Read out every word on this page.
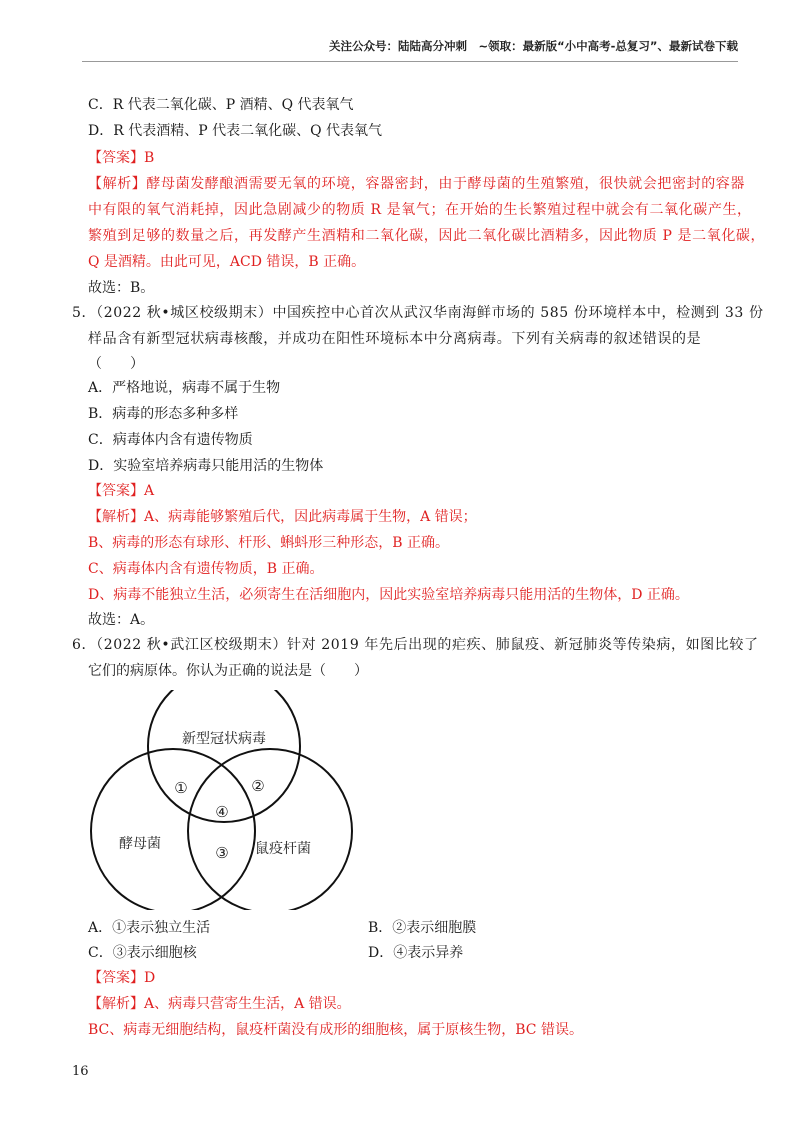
关注公众号：陆陆高分冲刺　~领取：最新版“小中高考-总复习”、最新试卷下载
C．R 代表二氧化碳、P 酒精、Q 代表氧气
D．R 代表酒精、P 代表二氧化碳、Q 代表氧气
【答案】B
【解析】酵母菌发酵酿酒需要无氧的环境，容器密封，由于酵母菌的生殖繁殖，很快就会把密封的容器
中有限的氧气消耗掉，因此急剧减少的物质 R 是氧气；在开始的生长繁殖过程中就会有二氧化碳产生，
繁殖到足够的数量之后，再发酵产生酒精和二氧化碳，因此二氧化碳比酒精多，因此物质 P 是二氧化碳，
Q 是酒精。由此可见，ACD 错误，B 正确。
故选：B。
5．（2022 秋•城区校级期末）中国疾控中心首次从武汉华南海鲜市场的 585 份环境样本中，检测到 33 份
样品含有新型冠状病毒核酸，并成功在阳性环境标本中分离病毒。下列有关病毒的叙述错误的是
（　　）
A．严格地说，病毒不属于生物
B．病毒的形态多种多样
C．病毒体内含有遗传物质
D．实验室培养病毒只能用活的生物体
【答案】A
【解析】A、病毒能够繁殖后代，因此病毒属于生物，A 错误；
B、病毒的形态有球形、杆形、蝌蚪形三种形态，B 正确。
C、病毒体内含有遗传物质，B 正确。
D、病毒不能独立生活，必须寄生在活细胞内，因此实验室培养病毒只能用活的生物体，D 正确。
故选：A。
6．（2022 秋•武江区校级期末）针对 2019 年先后出现的疟疾、肺鼠疫、新冠肺炎等传染病，如图比较了
它们的病原体。你认为正确的说法是（　　）
新型冠状病毒
酵母菌	鼠疫杆菌
①	②
④
③
A．①表示独立生活	B．②表示细胞膜
C．③表示细胞核	D．④表示异养
【答案】D
【解析】A、病毒只营寄生生活，A 错误。
BC、病毒无细胞结构，鼠疫杆菌没有成形的细胞核，属于原核生物，BC 错误。
16
